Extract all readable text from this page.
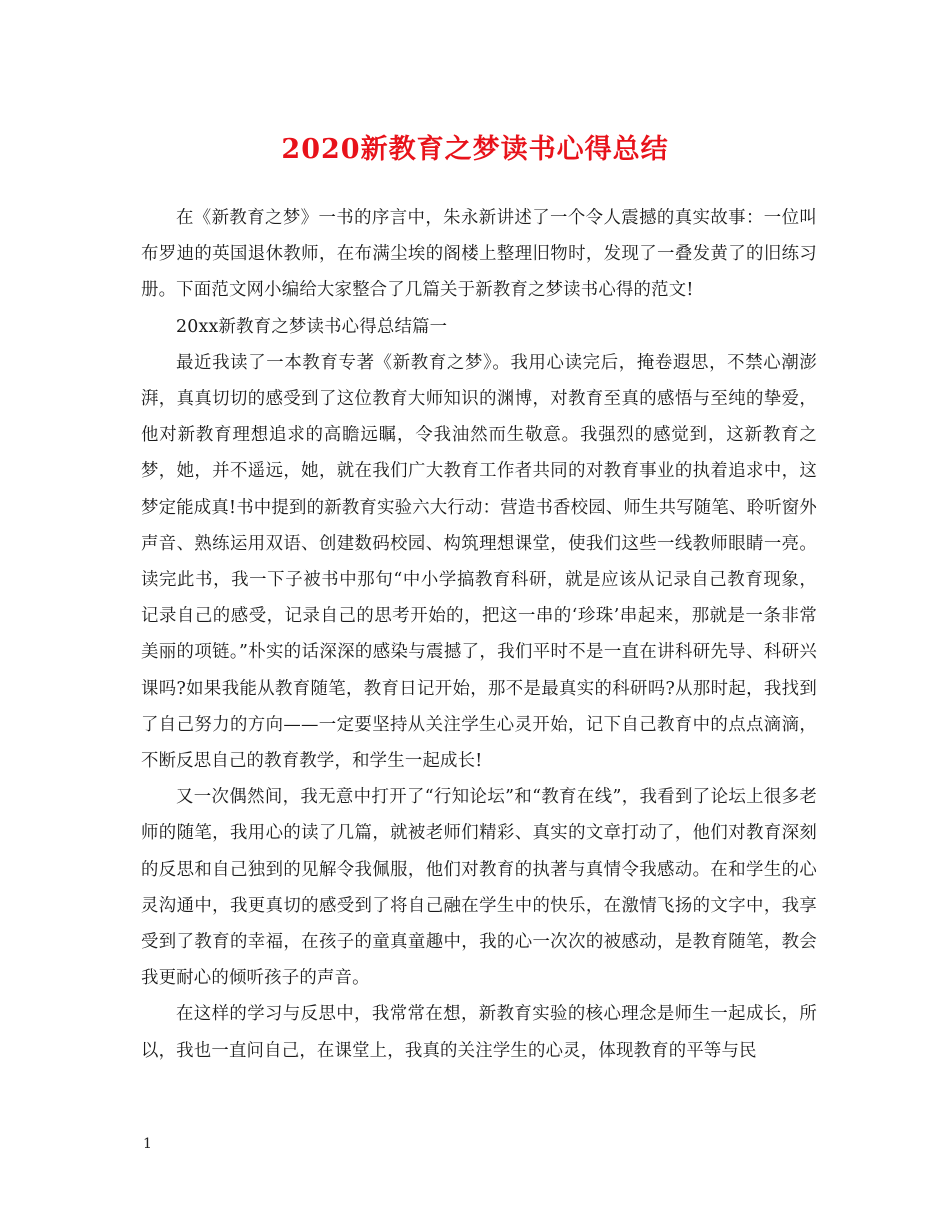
2020新教育之梦读书心得总结

在《新教育之梦》一书的序言中，朱永新讲述了一个令人震撼的真实故事：一位叫布罗迪的英国退休教师，在布满尘埃的阁楼上整理旧物时，发现了一叠发黄了的旧练习册。下面范文网小编给大家整合了几篇关于新教育之梦读书心得的范文!

20xx新教育之梦读书心得总结篇一

最近我读了一本教育专著《新教育之梦》。我用心读完后，掩卷遐思，不禁心潮澎湃，真真切切的感受到了这位教育大师知识的渊博，对教育至真的感悟与至纯的挚爱，他对新教育理想追求的高瞻远瞩，令我油然而生敬意。我强烈的感觉到，这新教育之梦，她，并不遥远，她，就在我们广大教育工作者共同的对教育事业的执着追求中，这梦定能成真!书中提到的新教育实验六大行动：营造书香校园、师生共写随笔、聆听窗外声音、熟练运用双语、创建数码校园、构筑理想课堂，使我们这些一线教师眼睛一亮。读完此书，我一下子被书中那句“中小学搞教育科研，就是应该从记录自己教育现象，记录自己的感受，记录自己的思考开始的，把这一串的‘珍珠’串起来，那就是一条非常美丽的项链。”朴实的话深深的感染与震撼了，我们平时不是一直在讲科研先导、科研兴课吗?如果我能从教育随笔，教育日记开始，那不是最真实的科研吗?从那时起，我找到了自己努力的方向——一定要坚持从关注学生心灵开始，记下自己教育中的点点滴滴，不断反思自己的教育教学，和学生一起成长!

又一次偶然间，我无意中打开了“行知论坛”和“教育在线”，我看到了论坛上很多老师的随笔，我用心的读了几篇，就被老师们精彩、真实的文章打动了，他们对教育深刻的反思和自己独到的见解令我佩服，他们对教育的执著与真情令我感动。在和学生的心灵沟通中，我更真切的感受到了将自己融在学生中的快乐，在激情飞扬的文字中，我享受到了教育的幸福，在孩子的童真童趣中，我的心一次次的被感动，是教育随笔，教会我更耐心的倾听孩子的声音。

在这样的学习与反思中，我常常在想，新教育实验的核心理念是师生一起成长，所以，我也一直问自己，在课堂上，我真的关注学生的心灵，体现教育的平等与民

1
